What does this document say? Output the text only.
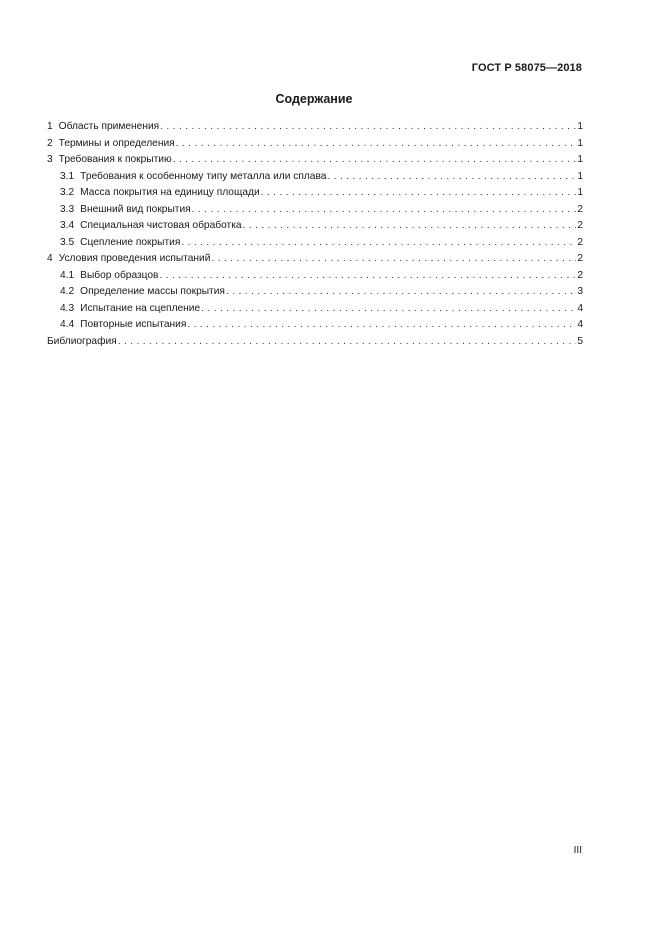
ГОСТ Р 58075—2018
Содержание
1 Область применения . . .	1
2 Термины и определения . . .	1
3 Требования к покрытию . . .	1
3.1 Требования к особенному типу металла или сплава . . .	1
3.2 Масса покрытия на единицу площади . . .	1
3.3 Внешний вид покрытия . . .	2
3.4 Специальная чистовая обработка . . .	2
3.5 Сцепление покрытия . . .	2
4 Условия проведения испытаний . . .	2
4.1 Выбор образцов . . .	2
4.2 Определение массы покрытия . . .	3
4.3 Испытание на сцепление . . .	4
4.4 Повторные испытания . . .	4
Библиография . . .	5
III
